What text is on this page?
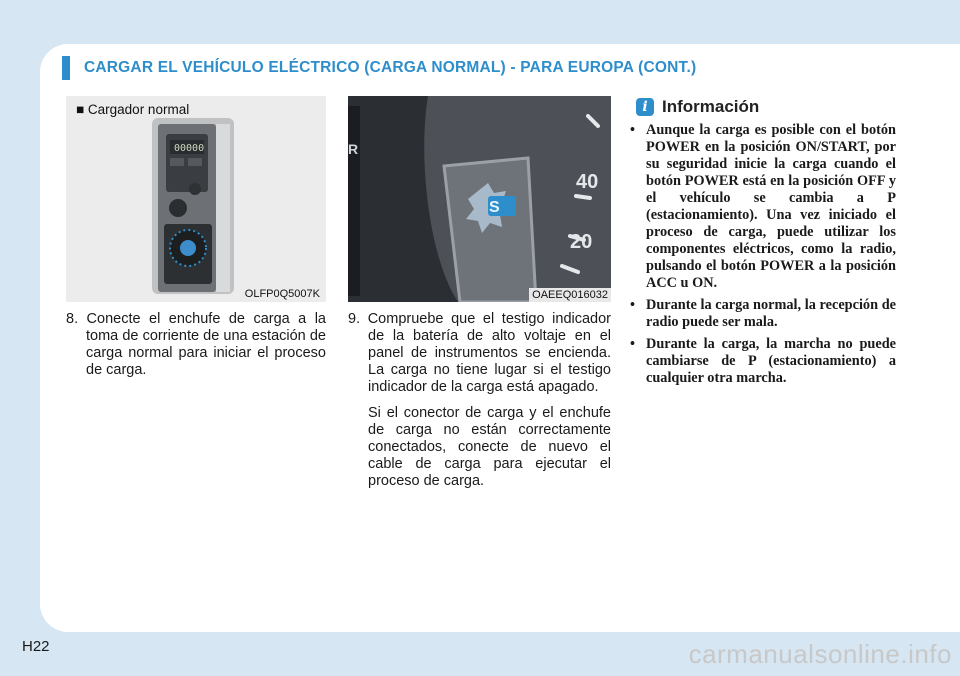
CARGAR EL VEHÍCULO ELÉCTRICO (CARGA NORMAL) - PARA EUROPA (CONT.)
00000
■ Cargador normal
OLFP0Q5007K
R
S
40
20
OAEEQ016032

8. Conecte el enchufe de carga a la toma de corriente de una estación de carga normal para iniciar el proceso de carga.

9. Compruebe que el testigo indicador de la batería de alto voltaje en el panel de instrumentos se encienda. La carga no tiene lugar si el testigo indicador de la carga está apagado.

Si el conector de carga y el enchufe de carga no están correctamente conectados, conecte de nuevo el cable de carga para ejecutar el proceso de carga.

i Información
• Aunque la carga es posible con el botón POWER en la posición ON/START, por su seguridad inicie la carga cuando el botón POWER está en la posición OFF y el vehículo se cambia a P (estacionamiento). Una vez iniciado el proceso de carga, puede utilizar los componentes eléctricos, como la radio, pulsando el botón POWER a la posición ACC u ON.
• Durante la carga normal, la recepción de radio puede ser mala.
• Durante la carga, la marcha no puede cambiarse de P (estacionamiento) a cualquier otra marcha.
H22	carmanualsonline.info
